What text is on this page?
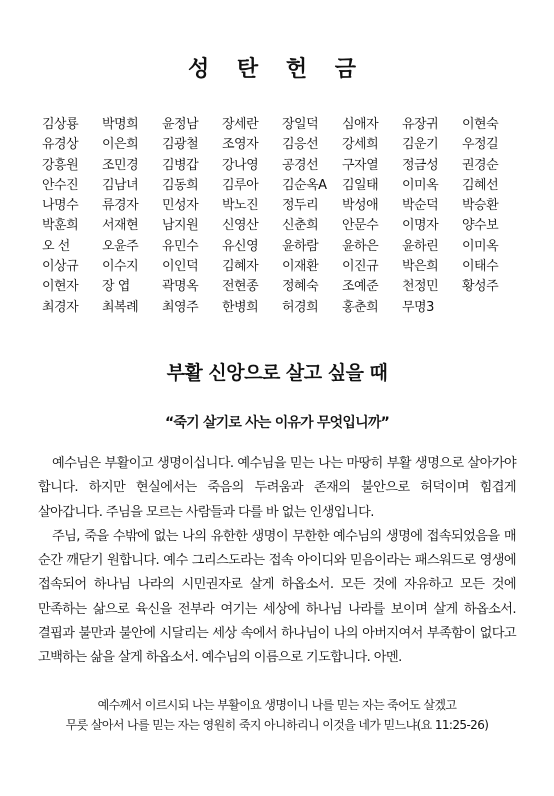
성 탄 헌 금
김상룡	박명희	윤정남	장세란	장일덕	심애자	유장귀	이현숙
유경상	이은희	김광철	조영자	김응선	강세희	김운기	우정길
강흥원	조민경	김병갑	강나영	공경선	구자열	정금성	권경순
안수진	김남녀	김동희	김루아	김순옥A	김일태	이미옥	김혜선
나명수	류경자	민성자	박노진	정두리	박성애	박순덕	박승환
박훈희	서재현	남지원	신영산	신춘희	안문수	이명자	양수보
오 선	오윤주	유민수	유신영	윤하람	윤하은	윤하린	이미옥
이상규	이수지	이인덕	김혜자	이재환	이진규	박은희	이태수
이현자	장 엽	곽명옥	전현종	정혜숙	조예준	천정민	황성주
최경자	최복례	최영주	한병희	허경희	홍춘희	무명3
부활 신앙으로 살고 싶을 때
“죽기 살기로 사는 이유가 무엇입니까”

예수님은 부활이고 생명이십니다. 예수님을 믿는 나는 마땅히 부활 생명으로 살아가야 합니다. 하지만 현실에서는 죽음의 두려움과 존재의 불안으로 허덕이며 힘겹게 살아갑니다. 주님을 모르는 사람들과 다를 바 없는 인생입니다.

주님, 죽을 수밖에 없는 나의 유한한 생명이 무한한 예수님의 생명에 접속되었음을 매 순간 깨닫기 원합니다. 예수 그리스도라는 접속 아이디와 믿음이라는 패스워드로 영생에 접속되어 하나님 나라의 시민권자로 살게 하옵소서. 모든 것에 자유하고 모든 것에 만족하는 삶으로 육신을 전부라 여기는 세상에 하나님 나라를 보이며 살게 하옵소서. 결핍과 불만과 불안에 시달리는 세상 속에서 하나님이 나의 아버지여서 부족함이 없다고 고백하는 삶을 살게 하옵소서. 예수님의 이름으로 기도합니다. 아멘.

예수께서 이르시되 나는 부활이요 생명이니 나를 믿는 자는 죽어도 살겠고
무릇 살아서 나를 믿는 자는 영원히 죽지 아니하리니 이것을 네가 믿느냐(요 11:25-26)
